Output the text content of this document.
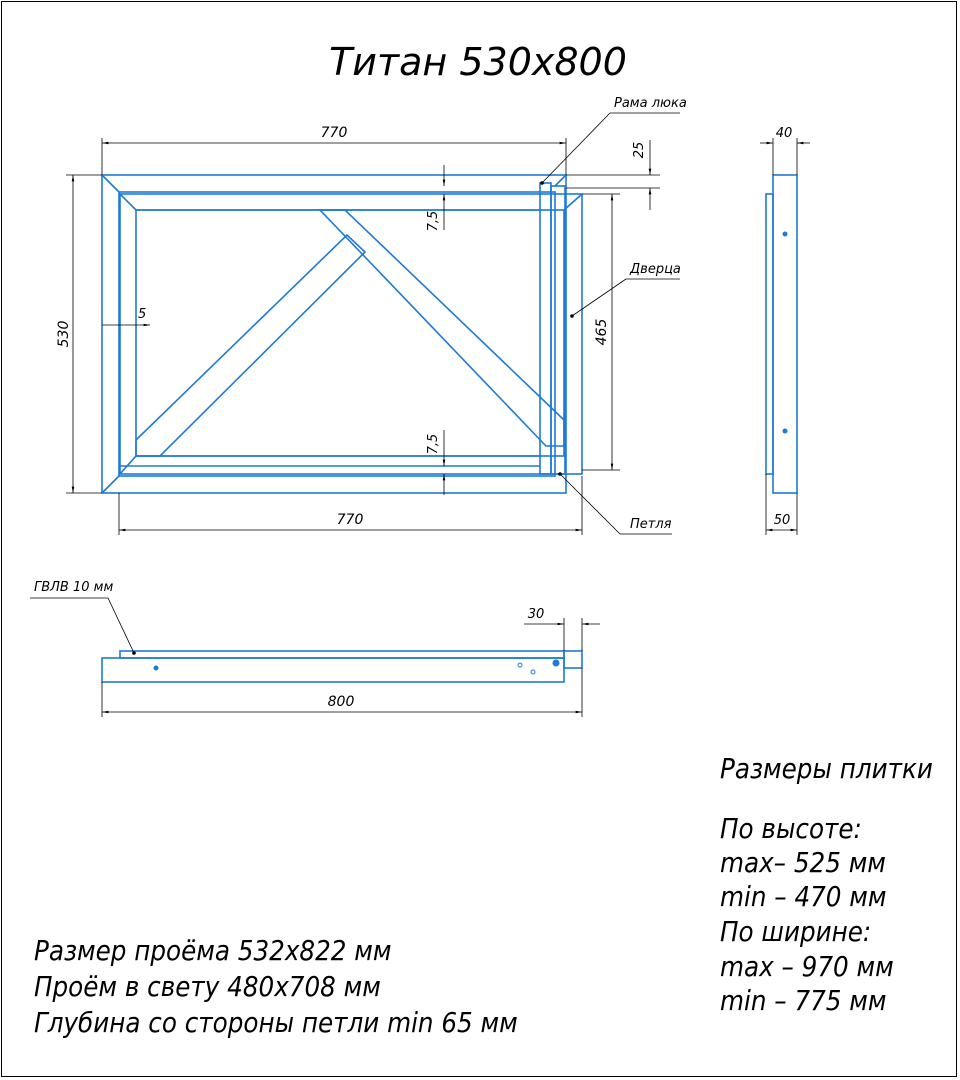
Титан 530х800
770
770
530
5
465
25
7,5
7,5
Рама люка
Дверца
Петля
40
50
ГВЛВ 10 мм
30
800
Размеры плитки
По высоте:
max– 525 мм
min – 470 мм
По ширине:
max – 970 мм
min – 775 мм
Размер проёма 532х822 мм
Проём в свету 480х708 мм
Глубина со стороны петли min 65 мм
